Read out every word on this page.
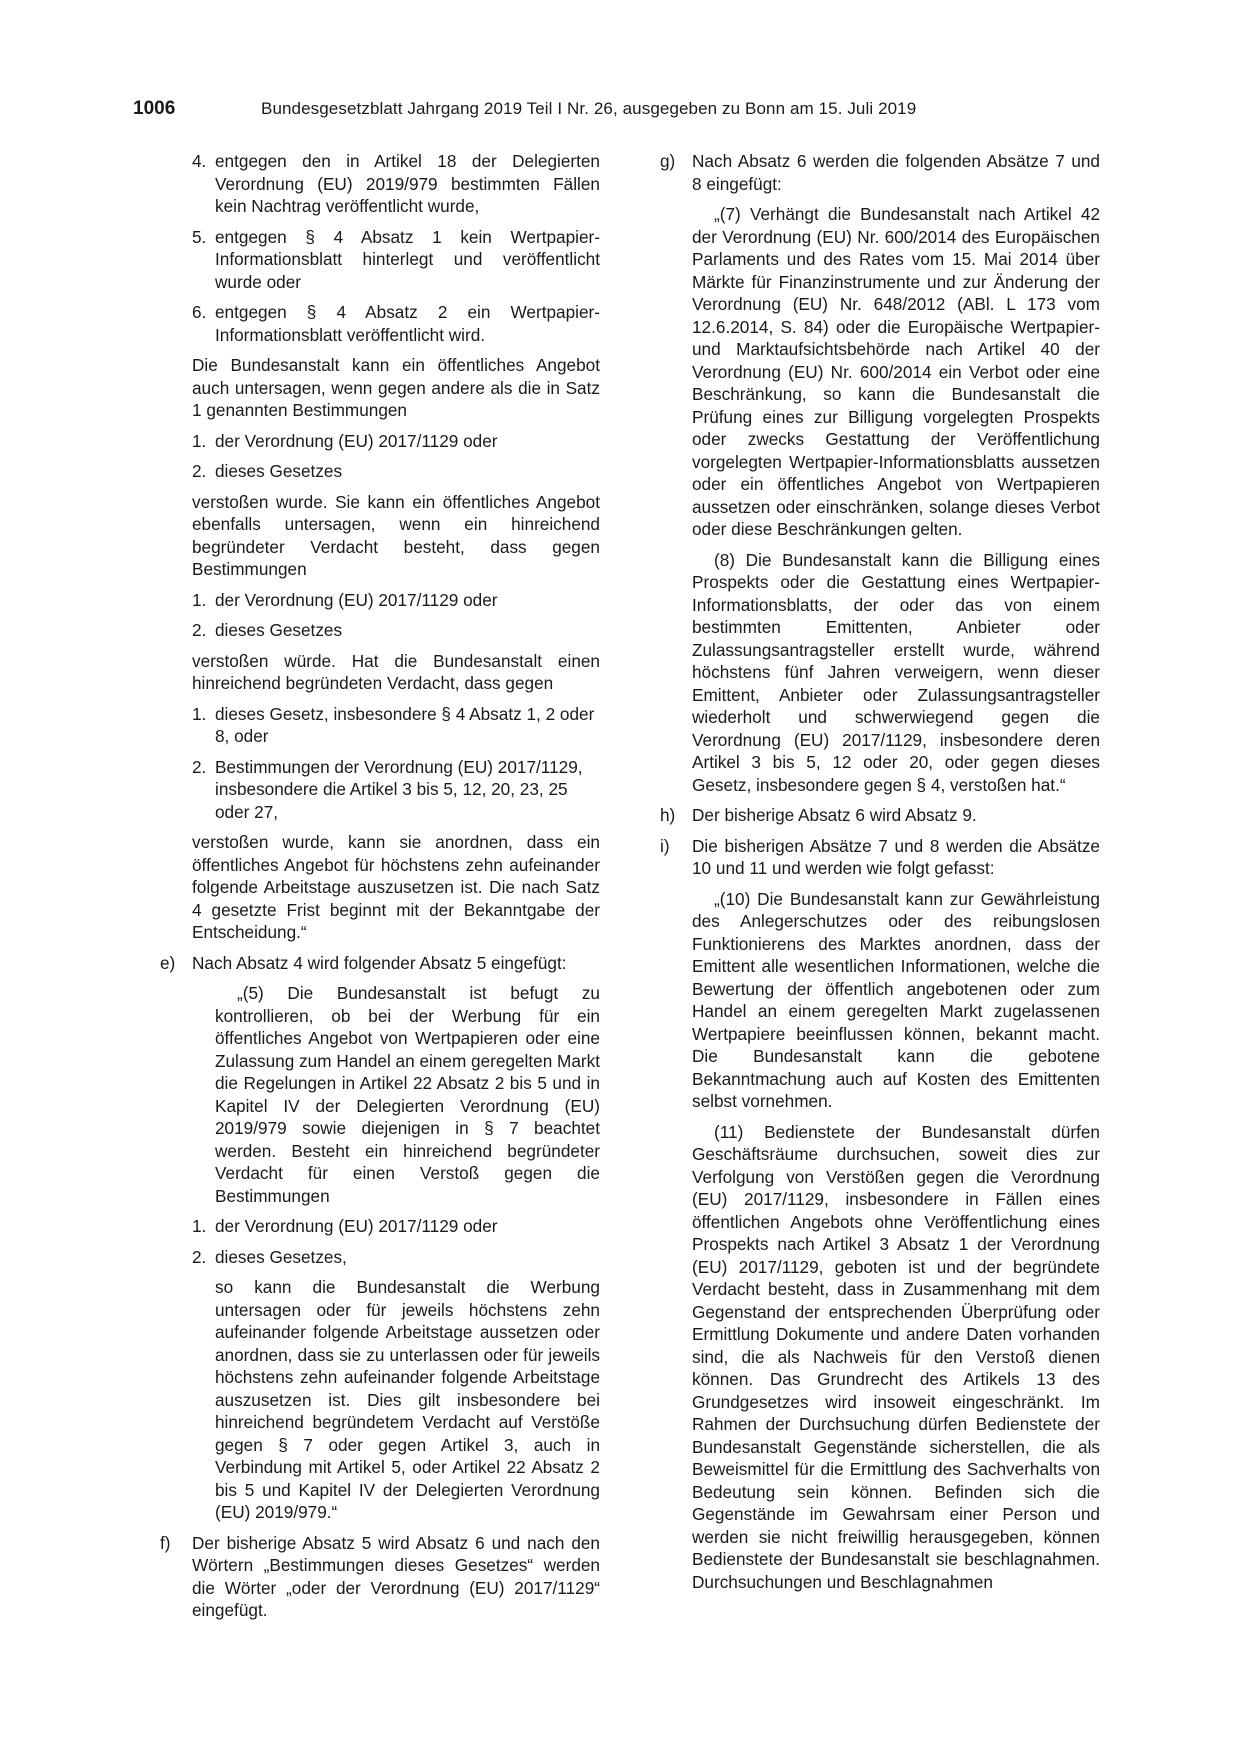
1006	Bundesgesetzblatt Jahrgang 2019 Teil I Nr. 26, ausgegeben zu Bonn am 15. Juli 2019
4. entgegen den in Artikel 18 der Delegierten Verordnung (EU) 2019/979 bestimmten Fällen kein Nachtrag veröffentlicht wurde,
5. entgegen § 4 Absatz 1 kein Wertpapier-Informationsblatt hinterlegt und veröffentlicht wurde oder
6. entgegen § 4 Absatz 2 ein Wertpapier-Informationsblatt veröffentlicht wird.

Die Bundesanstalt kann ein öffentliches Angebot auch untersagen, wenn gegen andere als die in Satz 1 genannten Bestimmungen

1. der Verordnung (EU) 2017/1129 oder
2. dieses Gesetzes

verstoßen wurde. Sie kann ein öffentliches Angebot ebenfalls untersagen, wenn ein hinreichend begründeter Verdacht besteht, dass gegen Bestimmungen

1. der Verordnung (EU) 2017/1129 oder
2. dieses Gesetzes

verstoßen würde. Hat die Bundesanstalt einen hinreichend begründeten Verdacht, dass gegen

1. dieses Gesetz, insbesondere § 4 Absatz 1, 2 oder 8, oder
2. Bestimmungen der Verordnung (EU) 2017/1129, insbesondere die Artikel 3 bis 5, 12, 20, 23, 25 oder 27,

verstoßen wurde, kann sie anordnen, dass ein öffentliches Angebot für höchstens zehn aufeinander folgende Arbeitstage auszusetzen ist. Die nach Satz 4 gesetzte Frist beginnt mit der Bekanntgabe der Entscheidung.“

e) Nach Absatz 4 wird folgender Absatz 5 eingefügt:

„(5) Die Bundesanstalt ist befugt zu kontrollieren, ob bei der Werbung für ein öffentliches Angebot von Wertpapieren oder eine Zulassung zum Handel an einem geregelten Markt die Regelungen in Artikel 22 Absatz 2 bis 5 und in Kapitel IV der Delegierten Verordnung (EU) 2019/979 sowie diejenigen in § 7 beachtet werden. Besteht ein hinreichend begründeter Verdacht für einen Verstoß gegen die Bestimmungen

1. der Verordnung (EU) 2017/1129 oder
2. dieses Gesetzes,

so kann die Bundesanstalt die Werbung untersagen oder für jeweils höchstens zehn aufeinander folgende Arbeitstage aussetzen oder anordnen, dass sie zu unterlassen oder für jeweils höchstens zehn aufeinander folgende Arbeitstage auszusetzen ist. Dies gilt insbesondere bei hinreichend begründetem Verdacht auf Verstöße gegen § 7 oder gegen Artikel 3, auch in Verbindung mit Artikel 5, oder Artikel 22 Absatz 2 bis 5 und Kapitel IV der Delegierten Verordnung (EU) 2019/979.“

f) Der bisherige Absatz 5 wird Absatz 6 und nach den Wörtern „Bestimmungen dieses Gesetzes“ werden die Wörter „oder der Verordnung (EU) 2017/1129“ eingefügt.
g) Nach Absatz 6 werden die folgenden Absätze 7 und 8 eingefügt:

„(7) Verhängt die Bundesanstalt nach Artikel 42 der Verordnung (EU) Nr. 600/2014 des Europäischen Parlaments und des Rates vom 15. Mai 2014 über Märkte für Finanzinstrumente und zur Änderung der Verordnung (EU) Nr. 648/2012 (ABl. L 173 vom 12.6.2014, S. 84) oder die Europäische Wertpapier- und Marktaufsichtsbehörde nach Artikel 40 der Verordnung (EU) Nr. 600/2014 ein Verbot oder eine Beschränkung, so kann die Bundesanstalt die Prüfung eines zur Billigung vorgelegten Prospekts oder zwecks Gestattung der Veröffentlichung vorgelegten Wertpapier-Informationsblatts aussetzen oder ein öffentliches Angebot von Wertpapieren aussetzen oder einschränken, solange dieses Verbot oder diese Beschränkungen gelten.

(8) Die Bundesanstalt kann die Billigung eines Prospekts oder die Gestattung eines Wertpapier-Informationsblatts, der oder das von einem bestimmten Emittenten, Anbieter oder Zulassungsantragsteller erstellt wurde, während höchstens fünf Jahren verweigern, wenn dieser Emittent, Anbieter oder Zulassungsantragsteller wiederholt und schwerwiegend gegen die Verordnung (EU) 2017/1129, insbesondere deren Artikel 3 bis 5, 12 oder 20, oder gegen dieses Gesetz, insbesondere gegen § 4, verstoßen hat.“

h) Der bisherige Absatz 6 wird Absatz 9.
i) Die bisherigen Absätze 7 und 8 werden die Absätze 10 und 11 und werden wie folgt gefasst:

„(10) Die Bundesanstalt kann zur Gewährleistung des Anlegerschutzes oder des reibungslosen Funktionierens des Marktes anordnen, dass der Emittent alle wesentlichen Informationen, welche die Bewertung der öffentlich angebotenen oder zum Handel an einem geregelten Markt zugelassenen Wertpapiere beeinflussen können, bekannt macht. Die Bundesanstalt kann die gebotene Bekanntmachung auch auf Kosten des Emittenten selbst vornehmen.

(11) Bedienstete der Bundesanstalt dürfen Geschäftsräume durchsuchen, soweit dies zur Verfolgung von Verstößen gegen die Verordnung (EU) 2017/1129, insbesondere in Fällen eines öffentlichen Angebots ohne Veröffentlichung eines Prospekts nach Artikel 3 Absatz 1 der Verordnung (EU) 2017/1129, geboten ist und der begründete Verdacht besteht, dass in Zusammenhang mit dem Gegenstand der entsprechenden Überprüfung oder Ermittlung Dokumente und andere Daten vorhanden sind, die als Nachweis für den Verstoß dienen können. Das Grundrecht des Artikels 13 des Grundgesetzes wird insoweit eingeschränkt. Im Rahmen der Durchsuchung dürfen Bedienstete der Bundesanstalt Gegenstände sicherstellen, die als Beweismittel für die Ermittlung des Sachverhalts von Bedeutung sein können. Befinden sich die Gegenstände im Gewahrsam einer Person und werden sie nicht freiwillig herausgegeben, können Bedienstete der Bundesanstalt sie beschlagnahmen. Durchsuchungen und Beschlagnahmen
